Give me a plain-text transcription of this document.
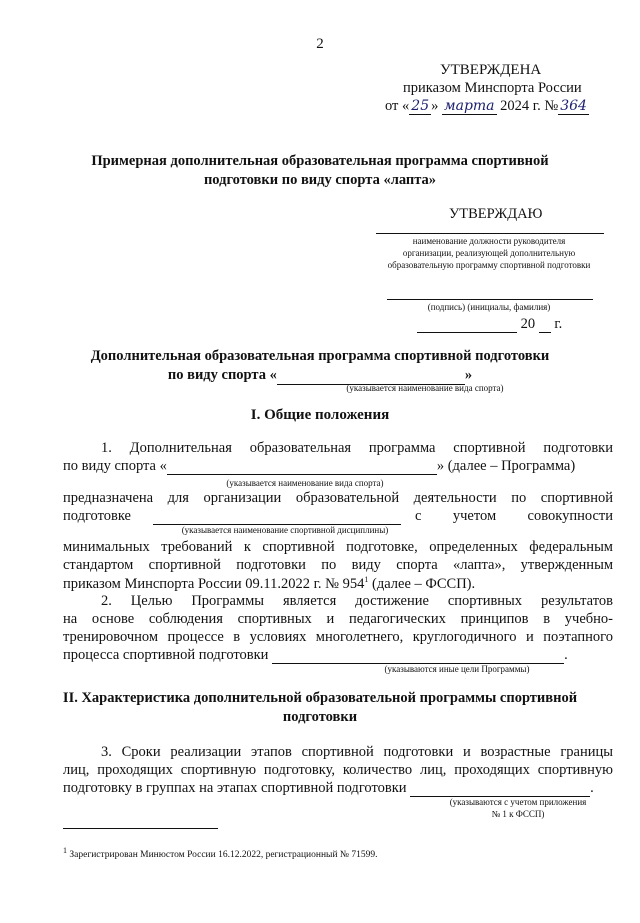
2
УТВЕРЖДЕНА
приказом Минспорта России
от « 25 » марта 2024 г. № 364
Примерная дополнительная образовательная программа спортивной
подготовки по виду спорта «лапта»
УТВЕРЖДАЮ
наименование должности руководителя
организации, реализующей дополнительную
образовательную программу спортивной подготовки
(подпись) (инициалы, фамилия)
20 г.
Дополнительная образовательная программа спортивной подготовки
по виду спорта «	»
(указывается наименование вида спорта)
I. Общие положения
1. Дополнительная образовательная программа спортивной подготовки
по виду спорта «	» (далее – Программа)
(указывается наименование вида спорта)
предназначена для организации образовательной деятельности по спортивной
подготовке	с учетом совокупности
(указывается наименование спортивной дисциплины)
минимальных требований к спортивной подготовке, определенных федеральным
стандартом спортивной подготовки по виду спорта «лапта», утвержденным
приказом Минспорта России 09.11.2022 г. № $954^1$ (далее – ФССП).
2. Целью Программы является достижение спортивных результатов
на основе соблюдения спортивных и педагогических принципов в учебно-
тренировочном процессе в условиях многолетнего, круглогодичного и поэтапного
процесса спортивной подготовки	.
(указываются иные цели Программы)
II. Характеристика дополнительной образовательной программы спортивной
подготовки
3. Сроки реализации этапов спортивной подготовки и возрастные границы
лиц, проходящих спортивную подготовку, количество лиц, проходящих спортивную
подготовку в группах на этапах спортивной подготовки	.
(указываются с учетом приложения
№ 1 к ФССП)
$^1$ Зарегистрирован Минюстом России 16.12.2022, регистрационный № 71599.
